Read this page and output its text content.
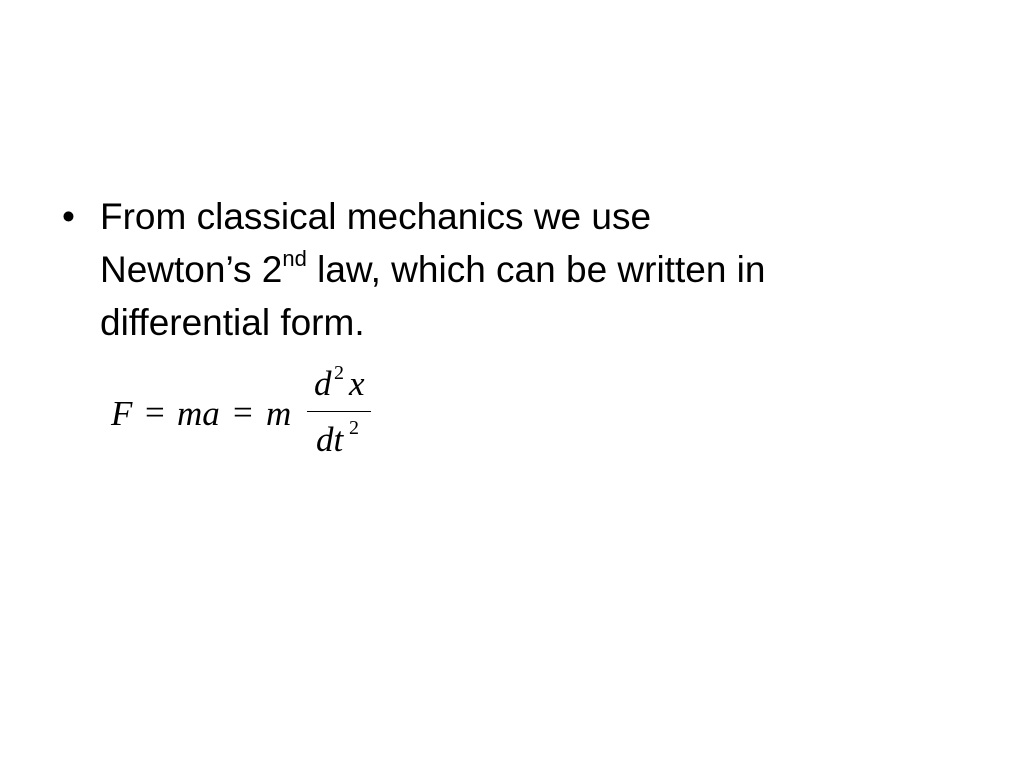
• From classical mechanics we use
Newton’s 2nd law, which can be written in
differential form.
F = ma = m
d 2 x
dt 2
